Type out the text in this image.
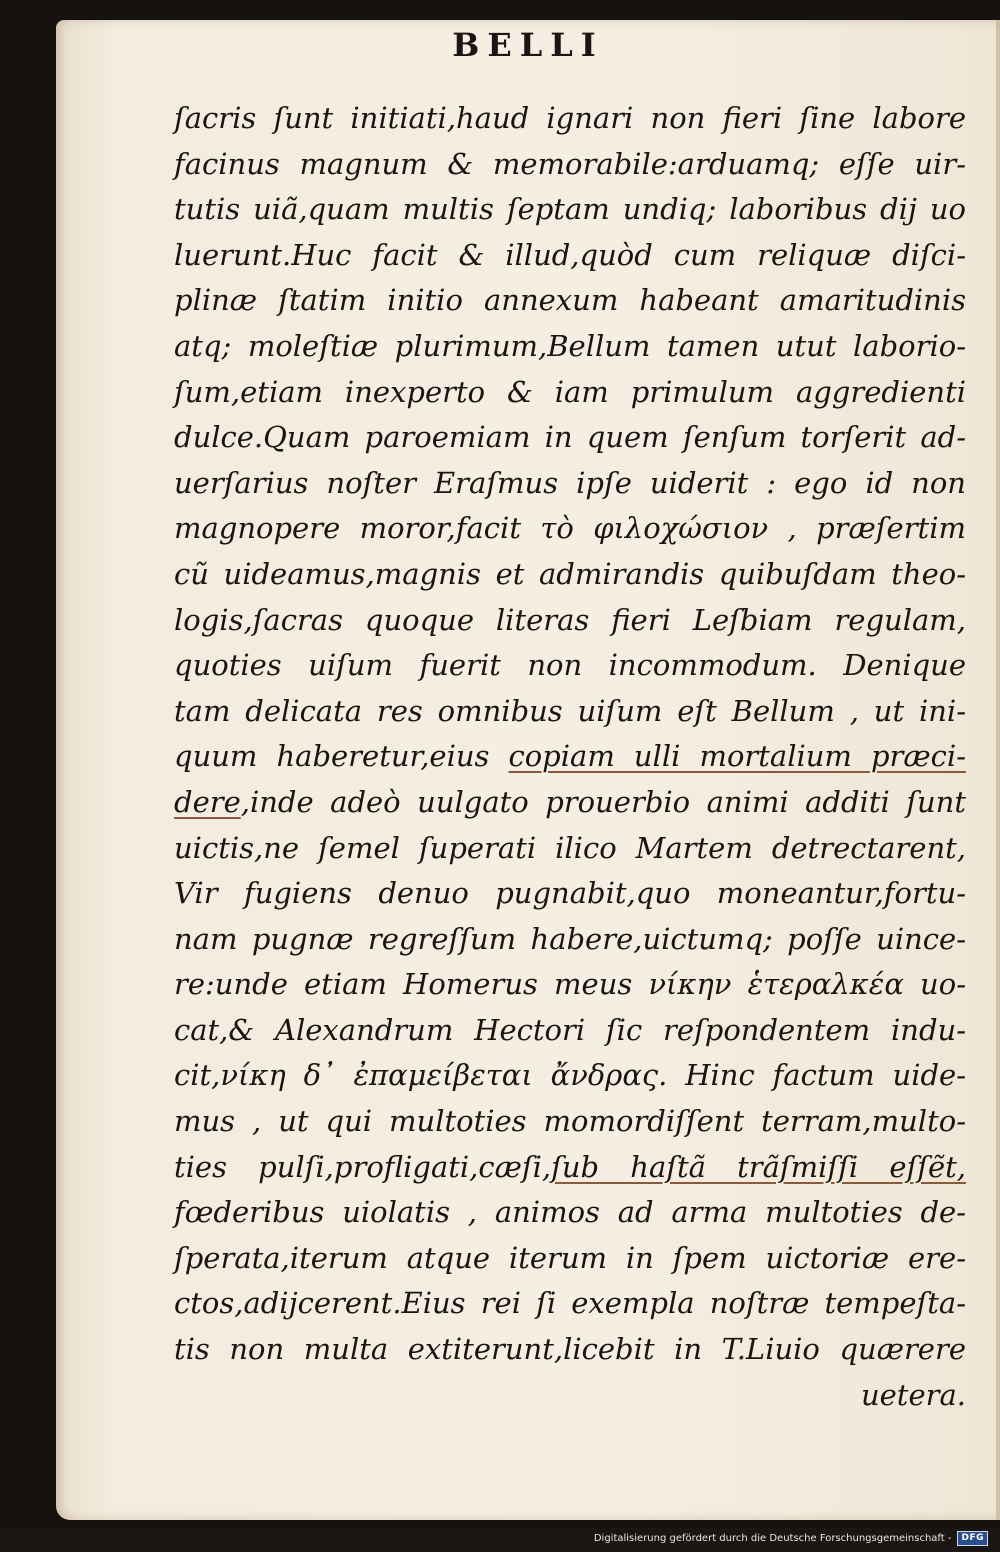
BELLI
ſacris ſunt initiati,haud ignari non fieri ſine labore
facinus magnum & memorabile:arduamq; eſſe uir-
tutis uiã,quam multis ſeptam undiq; laboribus dij uo
luerunt.Huc facit & illud,quòd cum reliquæ diſci-
plinæ ſtatim initio annexum habeant amaritudinis
atq; moleſtiæ plurimum,Bellum tamen utut laborio-
ſum,etiam inexperto & iam primulum aggredienti
dulce.Quam paroemiam in quem ſenſum torſerit ad-
uerſarius noſter Eraſmus ipſe uiderit : ego id non
magnopere moror,facit τὸ φιλοχώσιον , præſertim
cũ uideamus,magnis et admirandis quibuſdam theo-
logis,ſacras quoque literas fieri Leſbiam regulam,
quoties uiſum fuerit non incommodum. Denique
tam delicata res omnibus uiſum eſt Bellum , ut ini-
quum haberetur,eius copiam ulli mortalium præci-
dere,inde adeò uulgato prouerbio animi additi ſunt
uictis,ne ſemel ſuperati ilico Martem detrectarent,
Vir fugiens denuo pugnabit,quo moneantur,fortu-
nam pugnæ regreſſum habere,uictumq; poſſe uince-
re:unde etiam Homerus meus νίκην ἑτεραλκέα uo-
cat,& Alexandrum Hectori ſic reſpondentem indu-
cit,νίκη δ᾽ ἐπαμείβεται ἄνδρας. Hinc factum uide-
mus , ut qui multoties momordiſſent terram,multo-
ties pulſi,profligati,cæſi,ſub haſtã trãſmiſſi eſſẽt,
fœderibus uiolatis , animos ad arma multoties de-
ſperata,iterum atque iterum in ſpem uictoriæ ere-
ctos,adijcerent.Eius rei ſi exempla noſtræ tempeſta-
tis non multa extiterunt,licebit in T.Liuio quærere
uetera.
Digitalisierung gefördert durch die Deutsche Forschungsgemeinschaft -	DFG
